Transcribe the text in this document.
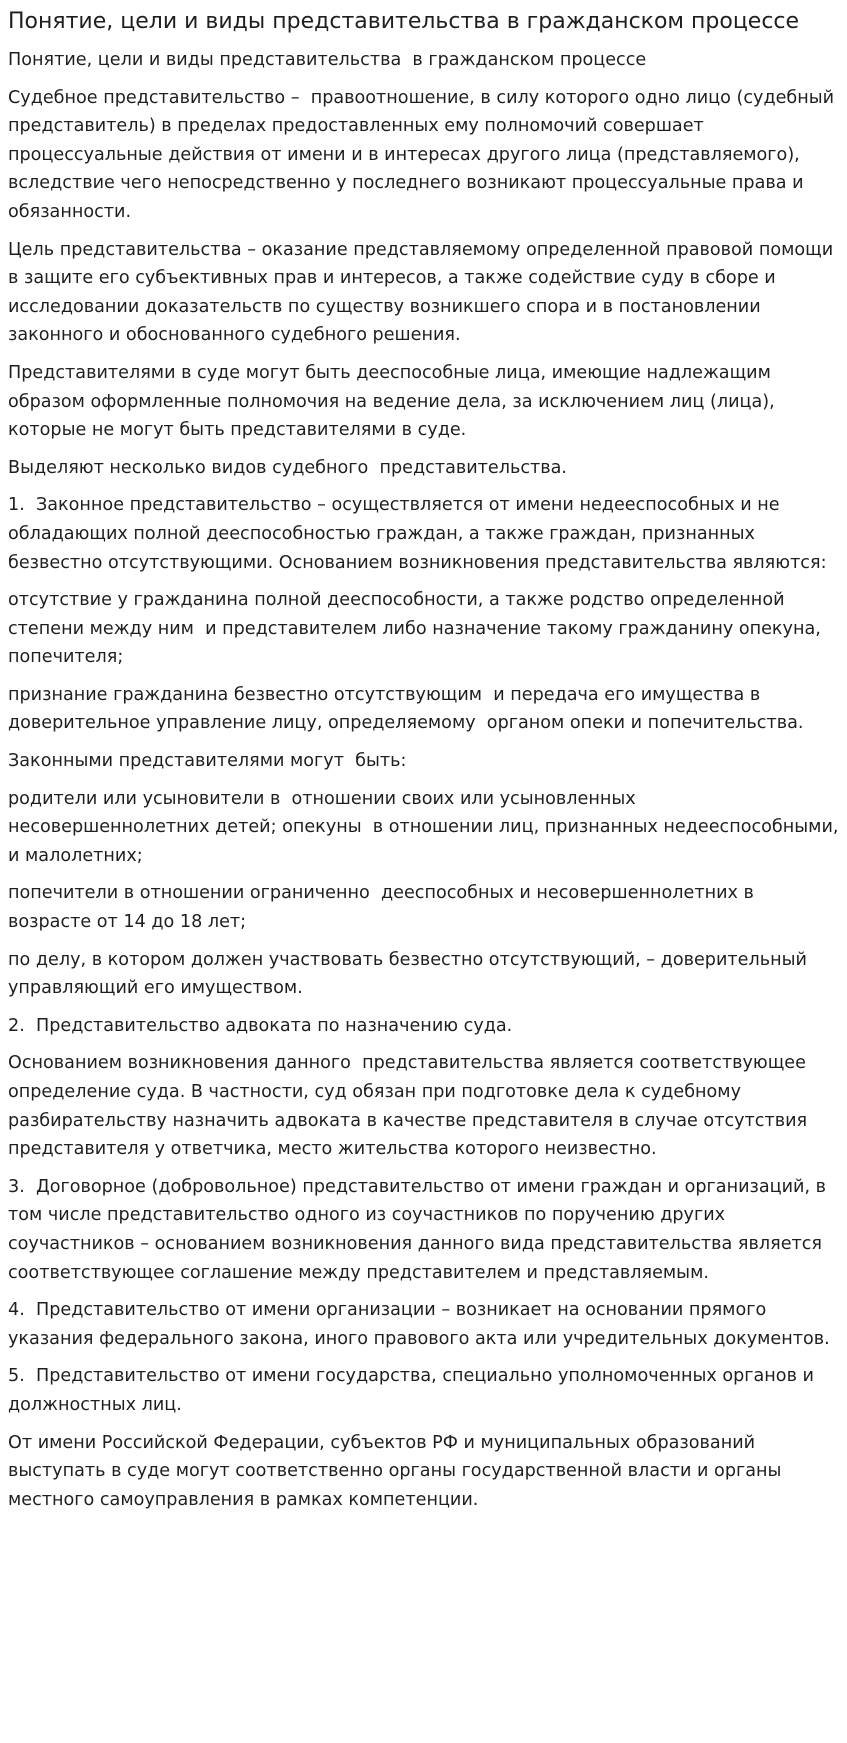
Понятие, цели и виды представительства в гражданском процессе

Понятие, цели и виды представительства  в гражданском процессе

Судебное представительство –  правоотношение, в силу которого одно лицо (судебный представитель) в пределах предоставленных ему полномочий совершает процессуальные действия от имени и в интересах другого лица (представляемого), вследствие чего непосредственно у последнего возникают процессуальные права и обязанности.

Цель представительства – оказание представляемому определенной правовой помощи в защите его субъективных прав и интересов, а также содействие суду в сборе и исследовании доказательств по существу возникшего спора и в постановлении законного и обоснованного судебного решения.

Представителями в суде могут быть дееспособные лица, имеющие надлежащим образом оформленные полномочия на ведение дела, за исключением лиц (лица), которые не могут быть представителями в суде.

Выделяют несколько видов судебного  представительства.

1.  Законное представительство – осуществляется от имени недееспособных и не обладающих полной дееспособностью граждан, а также граждан, признанных безвестно отсутствующими. Основанием возникновения представительства являются:

отсутствие у гражданина полной дееспособности, а также родство определенной степени между ним  и представителем либо назначение такому гражданину опекуна, попечителя;

признание гражданина безвестно отсутствующим  и передача его имущества в доверительное управление лицу, определяемому  органом опеки и попечительства.

Законными представителями могут  быть:

родители или усыновители в  отношении своих или усыновленных несовершеннолетних детей; опекуны  в отношении лиц, признанных недееспособными, и малолетних;

попечители в отношении ограниченно  дееспособных и несовершеннолетних в возрасте от 14 до 18 лет;

по делу, в котором должен участвовать безвестно отсутствующий, – доверительный управляющий его имуществом.

2.  Представительство адвоката по назначению суда.

Основанием возникновения данного  представительства является соответствующее  определение суда. В частности, суд обязан при подготовке дела к судебному разбирательству назначить адвоката в качестве представителя в случае отсутствия представителя у ответчика, место жительства которого неизвестно.

3.  Договорное (добровольное) представительство от имени граждан и организаций, в том числе представительство одного из соучастников по поручению других соучастников – основанием возникновения данного вида представительства является соответствующее соглашение между представителем и представляемым.

4.  Представительство от имени организации – возникает на основании прямого указания федерального закона, иного правового акта или учредительных документов.

5.  Представительство от имени государства, специально уполномоченных органов и должностных лиц.

От имени Российской Федерации, субъектов РФ и муниципальных образований выступать в суде могут соответственно органы государственной власти и органы местного самоуправления в рамках компетенции.
